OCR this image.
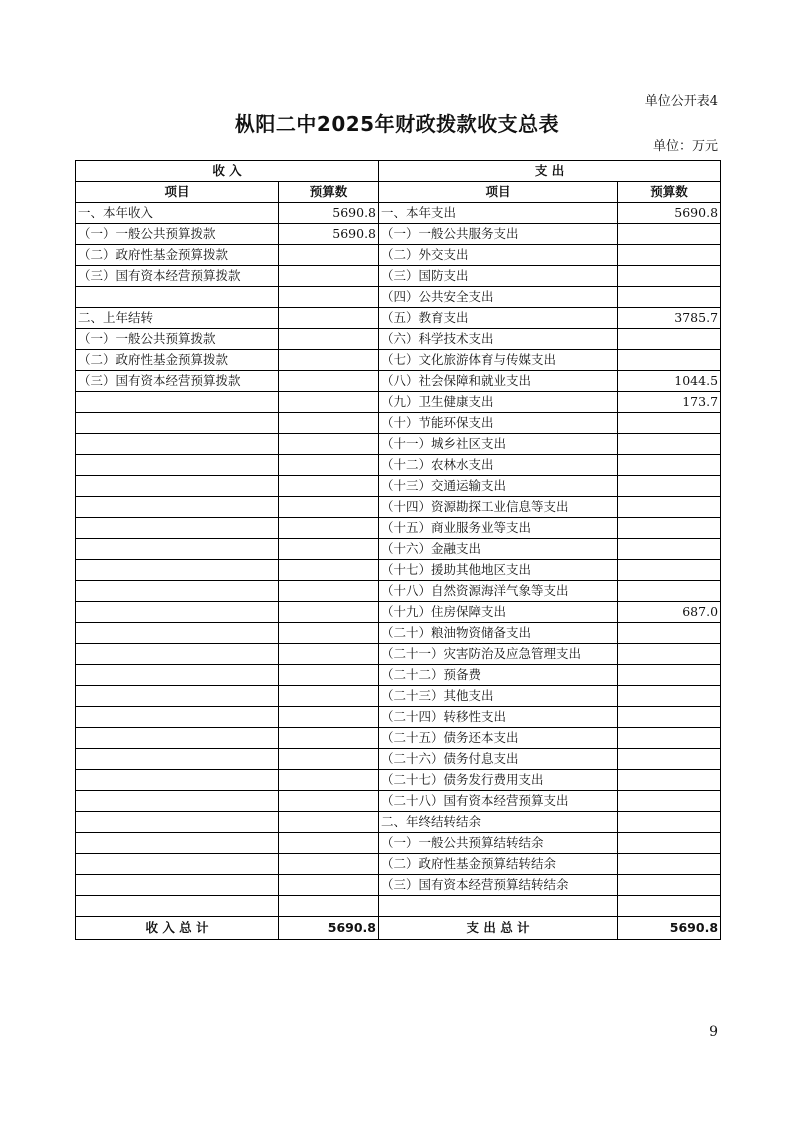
单位公开表4
枞阳二中2025年财政拨款收支总表
单位：万元
收 入		支 出	
项目	预算数	项目	预算数
一、本年收入	5690.8	一、本年支出	5690.8
（一）一般公共预算拨款	5690.8	（一）一般公共服务支出	
（二）政府性基金预算拨款		（二）外交支出	
（三）国有资本经营预算拨款		（三）国防支出	
		（四）公共安全支出	
二、上年结转		（五）教育支出	3785.7
（一）一般公共预算拨款		（六）科学技术支出	
（二）政府性基金预算拨款		（七）文化旅游体育与传媒支出	
（三）国有资本经营预算拨款		（八）社会保障和就业支出	1044.5
		（九）卫生健康支出	173.7
		（十）节能环保支出	
		（十一）城乡社区支出	
		（十二）农林水支出	
		（十三）交通运输支出	
		（十四）资源勘探工业信息等支出	
		（十五）商业服务业等支出	
		（十六）金融支出	
		（十七）援助其他地区支出	
		（十八）自然资源海洋气象等支出	
		（十九）住房保障支出	687.0
		（二十）粮油物资储备支出	
		（二十一）灾害防治及应急管理支出	
		（二十二）预备费	
		（二十三）其他支出	
		（二十四）转移性支出	
		（二十五）债务还本支出	
		（二十六）债务付息支出	
		（二十七）债务发行费用支出	
		（二十八）国有资本经营预算支出	
		二、年终结转结余	
		（一）一般公共预算结转结余	
		（二）政府性基金预算结转结余	
		（三）国有资本经营预算结转结余	

收 入 总 计	5690.8	支 出 总 计	5690.8
9
